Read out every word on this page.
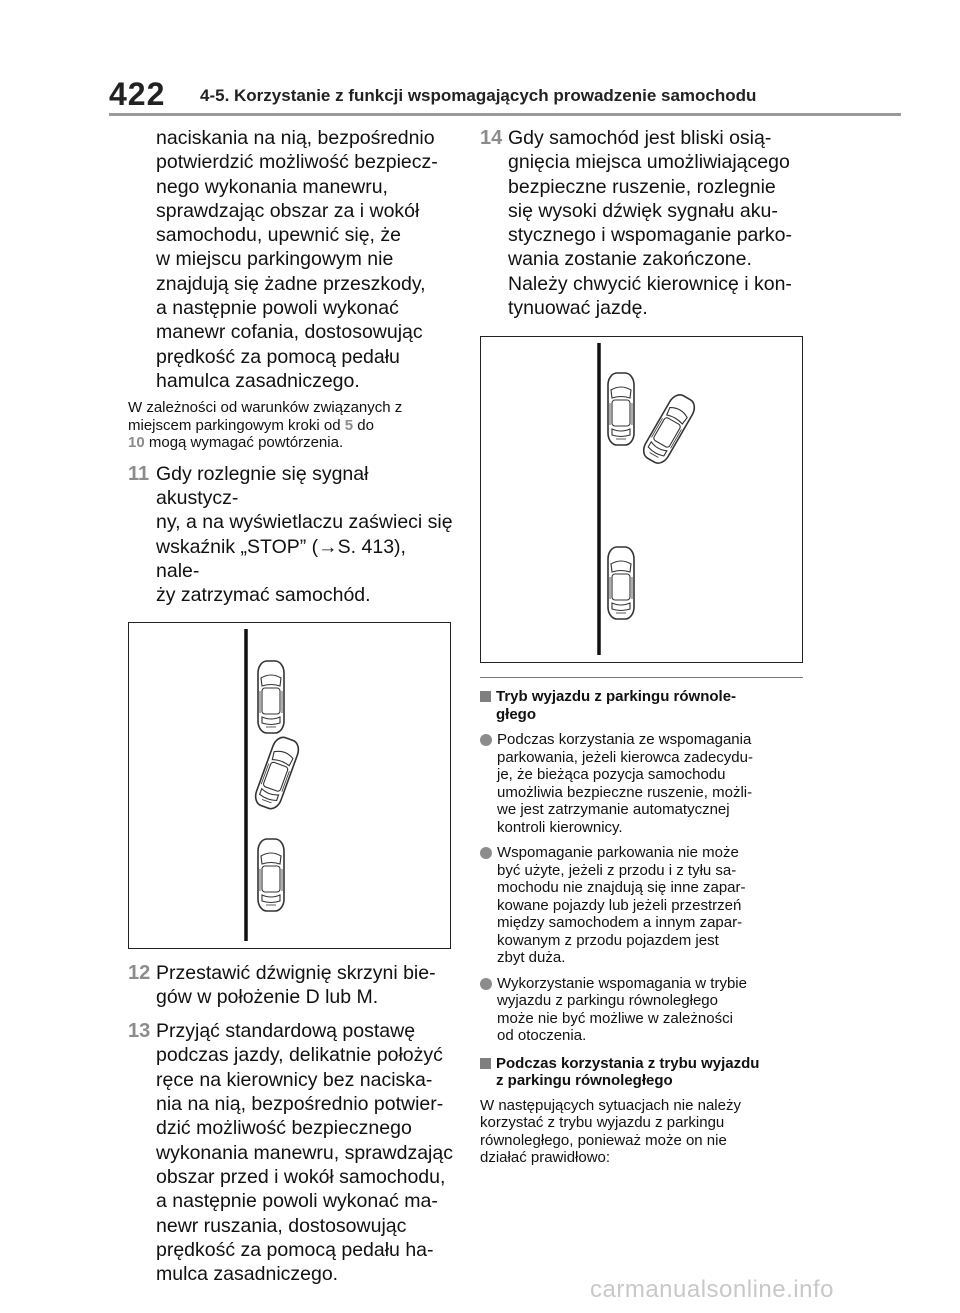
422 4-5. Korzystanie z funkcji wspomagających prowadzenie samochodu
naciskania na nią, bezpośrednio
potwierdzić możliwość bezpiecz-
nego wykonania manewru,
sprawdzając obszar za i wokół
samochodu, upewnić się, że
w miejscu parkingowym nie
znajdują się żadne przeszkody,
a następnie powoli wykonać
manewr cofania, dostosowując
prędkość za pomocą pedału
hamulca zasadniczego.
W zależności od warunków związanych z miejscem parkingowym kroki od 5 do
10 mogą wymagać powtórzenia.
11 Gdy rozlegnie się sygnał akustycz-
ny, a na wyświetlaczu zaświeci się
wskaźnik „STOP” (→S. 413), nale-
ży zatrzymać samochód.
12 Przestawić dźwignię skrzyni bie-
gów w położenie D lub M.
13 Przyjąć standardową postawę
podczas jazdy, delikatnie położyć
ręce na kierownicy bez naciska-
nia na nią, bezpośrednio potwier-
dzić możliwość bezpiecznego
wykonania manewru, sprawdzając
obszar przed i wokół samochodu,
a następnie powoli wykonać ma-
newr ruszania, dostosowując
prędkość za pomocą pedału ha-
mulca zasadniczego.
14 Gdy samochód jest bliski osią-
gnięcia miejsca umożliwiającego
bezpieczne ruszenie, rozlegnie
się wysoki dźwięk sygnału aku-
stycznego i wspomaganie parko-
wania zostanie zakończone.
Należy chwycić kierownicę i kon-
tynuować jazdę.
Tryb wyjazdu z parkingu równole-
głego
Podczas korzystania ze wspomagania
parkowania, jeżeli kierowca zadecydu-
je, że bieżąca pozycja samochodu
umożliwia bezpieczne ruszenie, możli-
we jest zatrzymanie automatycznej
kontroli kierownicy.
Wspomaganie parkowania nie może
być użyte, jeżeli z przodu i z tyłu sa-
mochodu nie znajdują się inne zapar-
kowane pojazdy lub jeżeli przestrzeń
między samochodem a innym zapar-
kowanym z przodu pojazdem jest
zbyt duża.
Wykorzystanie wspomagania w trybie
wyjazdu z parkingu równoległego
może nie być możliwe w zależności
od otoczenia.
Podczas korzystania z trybu wyjazdu
z parkingu równoległego
W następujących sytuacjach nie należy
korzystać z trybu wyjazdu z parkingu
równoległego, ponieważ może on nie
działać prawidłowo:
carmanualsonline.info
